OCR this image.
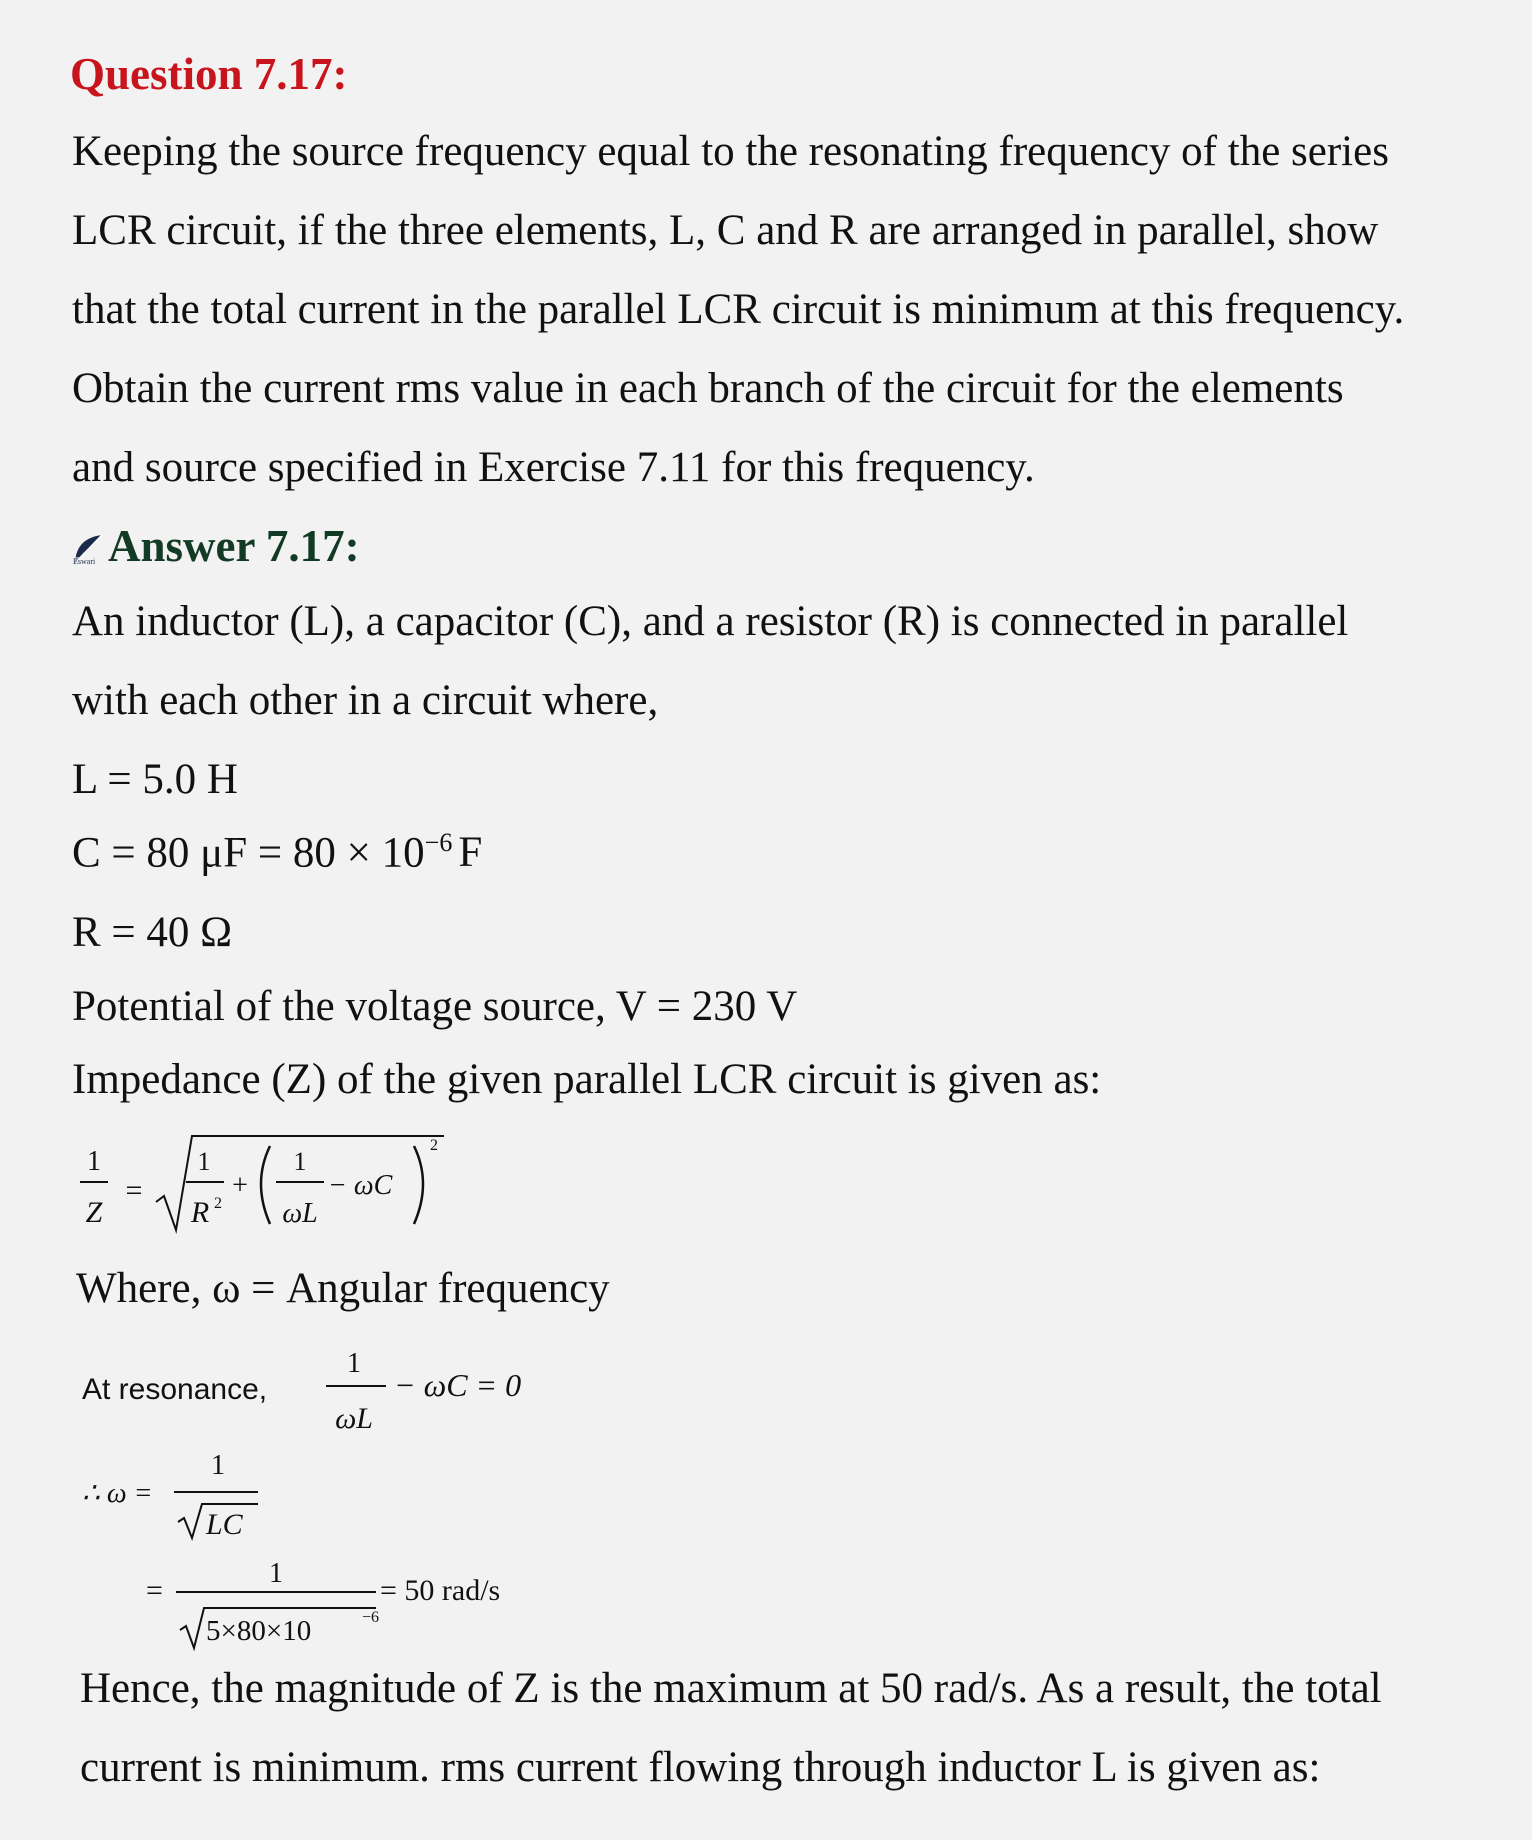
Question 7.17:
Keeping the source frequency equal to the resonating frequency of the series
LCR circuit, if the three elements, L, C and R are arranged in parallel, show
that the total current in the parallel LCR circuit is minimum at this frequency.
Obtain the current rms value in each branch of the circuit for the elements
and source specified in Exercise 7.11 for this frequency.
Eswari Answer 7.17:
An inductor (L), a capacitor (C), and a resistor (R) is connected in parallel
with each other in a circuit where,
L = 5.0 H
C = 80 $\mu F = 80 \times 10^{-6}$ F
R = 40 Ω
Potential of the voltage source, V = 230 V
Impedance (Z) of the given parallel LCR circuit is given as:
1
Z
=
1
R 2
+
1
ωL
− ωC
2
Where, ω = Angular frequency
At resonance,
1
ωL
− ωC = 0
∴ ω =
1
LC
=
1
5×80×10	−6
= 50 rad/s
Hence, the magnitude of Z is the maximum at 50 rad/s. As a result, the total
current is minimum. rms current flowing through inductor L is given as:
